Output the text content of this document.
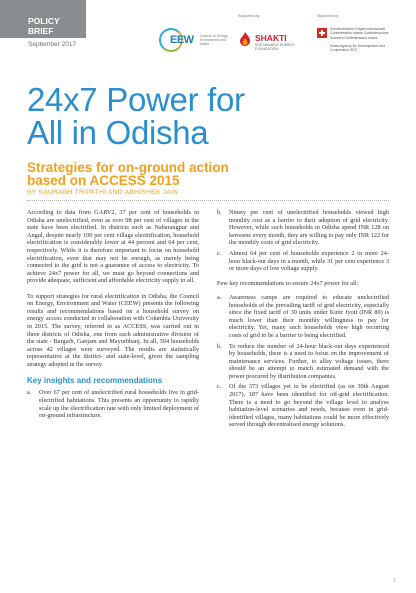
POLICY
BRIEF
September 2017
Supported by	Supported by
EEW Council on Energy, Environment and Water
SHAKTI
SUSTAINABLE ENERGY FOUNDATION
Schweizerische Eidgenossenschaft Confédération suisse Confederazione Svizzera Confederaziun svizra

Swiss Agency for Development and Cooperation SDC
24x7 Power for
All in Odisha
Strategies for on-ground action
based on ACCESS 2015
BY SAURABH TRIPATHI AND ABHISHEK JAIN

According to data from GARV2, 37 per cent of households in Odisha are unelectrified, even as over 98 per cent of villages in the state have been electrified. In districts such as Nabarangpur and Angul, despite nearly 100 per cent village electrification, household electrification is considerably lower at 44 percent and 64 per cent, respectively. While it is therefore important to focus on household electrification, even that may not be enough, as merely being connected to the grid is not a guarantee of access to electricity. To achieve 24x7 power for all, we must go beyond connections and provide adequate, sufficient and affordable electricity supply to all.

To support strategies for rural electrification in Odisha, the Council on Energy, Environment and Water (CEEW) presents the following results and recommendations based on a household survey on energy access conducted in collaboration with Columbia University in 2015. The survey, referred to as ACCESS, was carried out in three districts of Odisha, one from each administrative division of the state - Bargarh, Ganjam and Mayurbhanj. In all, 504 households across 42 villages were surveyed. The results are statistically representative at the district- and state-level, given the sampling strategy adopted in the survey.

Key insights and recommendations
a.	Over 67 per cent of unelectrified rural households live in grid-electrified habitations. This presents an opportunity to rapidly scale up the electrification rate with only limited deployment of on-ground infrastructure.

b.	Ninety per cent of unelectrified households viewed high monthly cost as a barrier to their adoption of grid electricity. However, while such households in Odisha spend INR 128 on kerosene every month, they are willing to pay only INR 122 for the monthly costs of grid electricity.

c.	Almost 64 per cent of households experience 2 or more 24-hour black-out days in a month, while 31 per cent experience 3 or more days of low voltage supply.

Few key recommendations to ensure 24x7 power for all:

a.	Awareness camps are required to educate unelectrified households of the prevailing tariff of grid electricity, especially since the fixed tariff of 30 units under Kutir Jyoti (INR 80) is much lower than their monthly willingness to pay for electricity. Yet, many such households view high recurring costs of grid to be a barrier to being electrified.

b.	To reduce the number of 24-hour black-out days experienced by households, there is a need to focus on the improvement of maintenance services. Further, to allay voltage issues, there should be an attempt to match estimated demand with the power procured by distribution companies.

c.	Of the 373 villages yet to be electrified (as on 30th August 2017), 187 have been identified for off-grid electrification. There is a need to go beyond the village level to analyse habitation-level scenarios and needs, because even in grid-identified villages, many habitations could be more effectively served through decentralised energy solutions.

1
